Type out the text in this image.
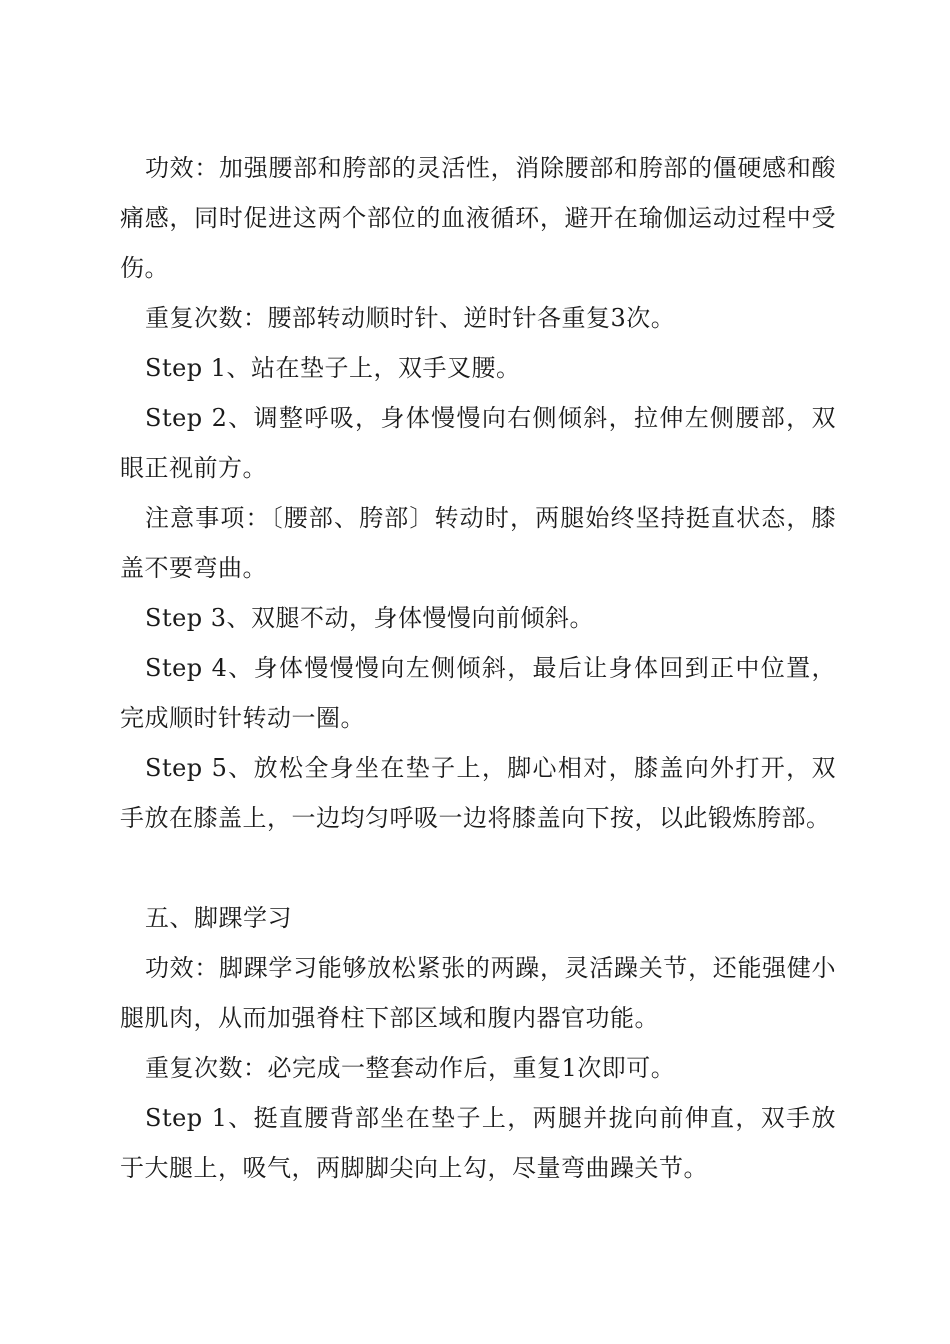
功效：加强腰部和胯部的灵活性，消除腰部和胯部的僵硬感和酸痛感，同时促进这两个部位的血液循环，避开在瑜伽运动过程中受伤。

重复次数：腰部转动顺时针、逆时针各重复3次。

Step 1、站在垫子上，双手叉腰。

Step 2、调整呼吸，身体慢慢向右侧倾斜，拉伸左侧腰部，双眼正视前方。

注意事项：〔腰部、胯部〕转动时，两腿始终坚持挺直状态，膝盖不要弯曲。

Step 3、双腿不动，身体慢慢向前倾斜。

Step 4、身体慢慢慢向左侧倾斜，最后让身体回到正中位置，完成顺时针转动一圈。

Step 5、放松全身坐在垫子上，脚心相对，膝盖向外打开，双手放在膝盖上，一边均匀呼吸一边将膝盖向下按，以此锻炼胯部。

五、脚踝学习

功效：脚踝学习能够放松紧张的两躁，灵活躁关节，还能强健小腿肌肉，从而加强脊柱下部区域和腹内器官功能。

重复次数：必完成一整套动作后，重复1次即可。

Step 1、挺直腰背部坐在垫子上，两腿并拢向前伸直，双手放于大腿上，吸气，两脚脚尖向上勾，尽量弯曲躁关节。
